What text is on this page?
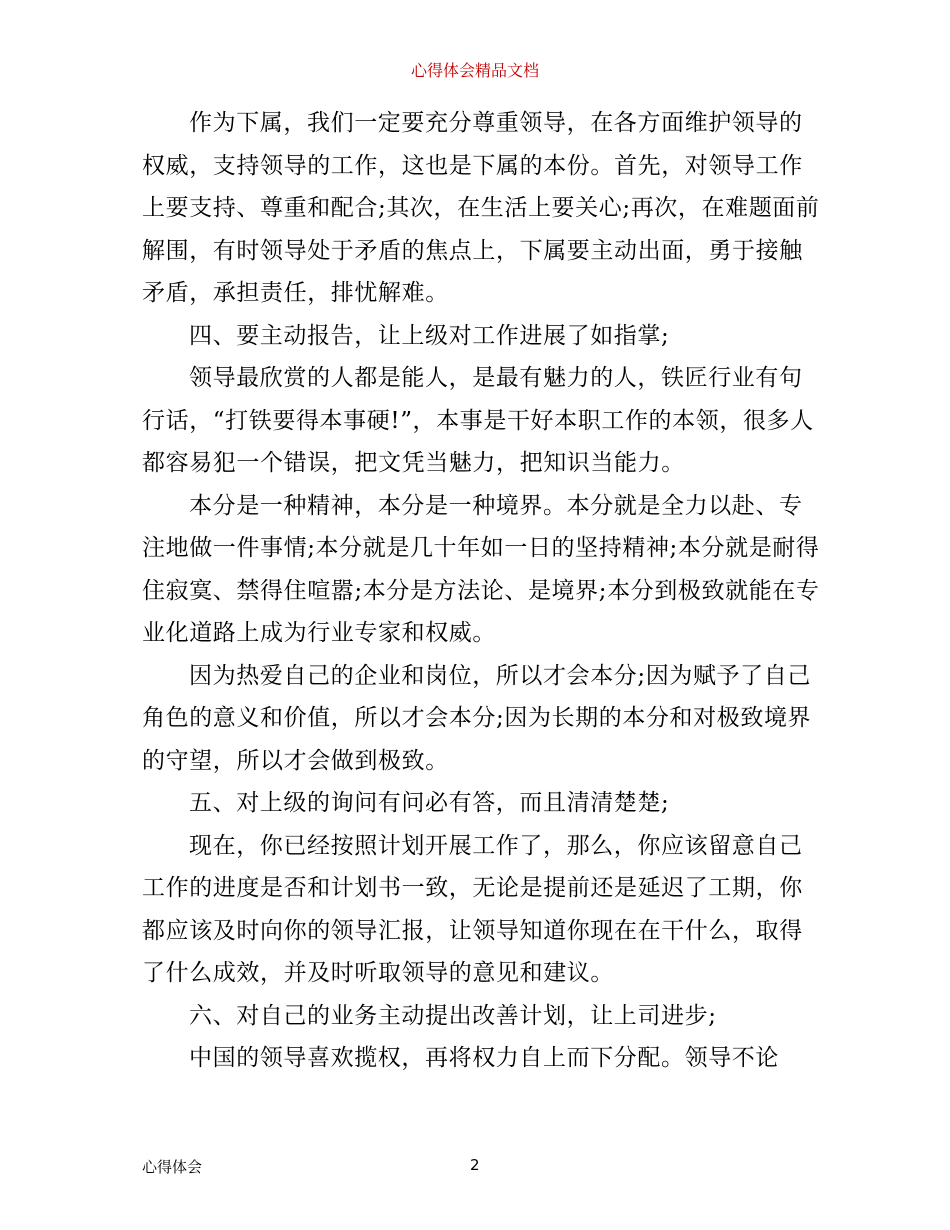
心得体会精品文档

作为下属，我们一定要充分尊重领导，在各方面维护领导的权威，支持领导的工作，这也是下属的本份。首先，对领导工作上要支持、尊重和配合;其次，在生活上要关心;再次，在难题面前解围，有时领导处于矛盾的焦点上，下属要主动出面，勇于接触矛盾，承担责任，排忧解难。

四、要主动报告，让上级对工作进展了如指掌;

领导最欣赏的人都是能人，是最有魅力的人，铁匠行业有句行话，“打铁要得本事硬!”，本事是干好本职工作的本领，很多人都容易犯一个错误，把文凭当魅力，把知识当能力。

本分是一种精神，本分是一种境界。本分就是全力以赴、专注地做一件事情;本分就是几十年如一日的坚持精神;本分就是耐得住寂寞、禁得住喧嚣;本分是方法论、是境界;本分到极致就能在专业化道路上成为行业专家和权威。

因为热爱自己的企业和岗位，所以才会本分;因为赋予了自己角色的意义和价值，所以才会本分;因为长期的本分和对极致境界的守望，所以才会做到极致。

五、对上级的询问有问必有答，而且清清楚楚;

现在，你已经按照计划开展工作了，那么，你应该留意自己工作的进度是否和计划书一致，无论是提前还是延迟了工期，你都应该及时向你的领导汇报，让领导知道你现在在干什么，取得了什么成效，并及时听取领导的意见和建议。

六、对自己的业务主动提出改善计划，让上司进步;

中国的领导喜欢揽权，再将权力自上而下分配。领导不论

心得体会	2
